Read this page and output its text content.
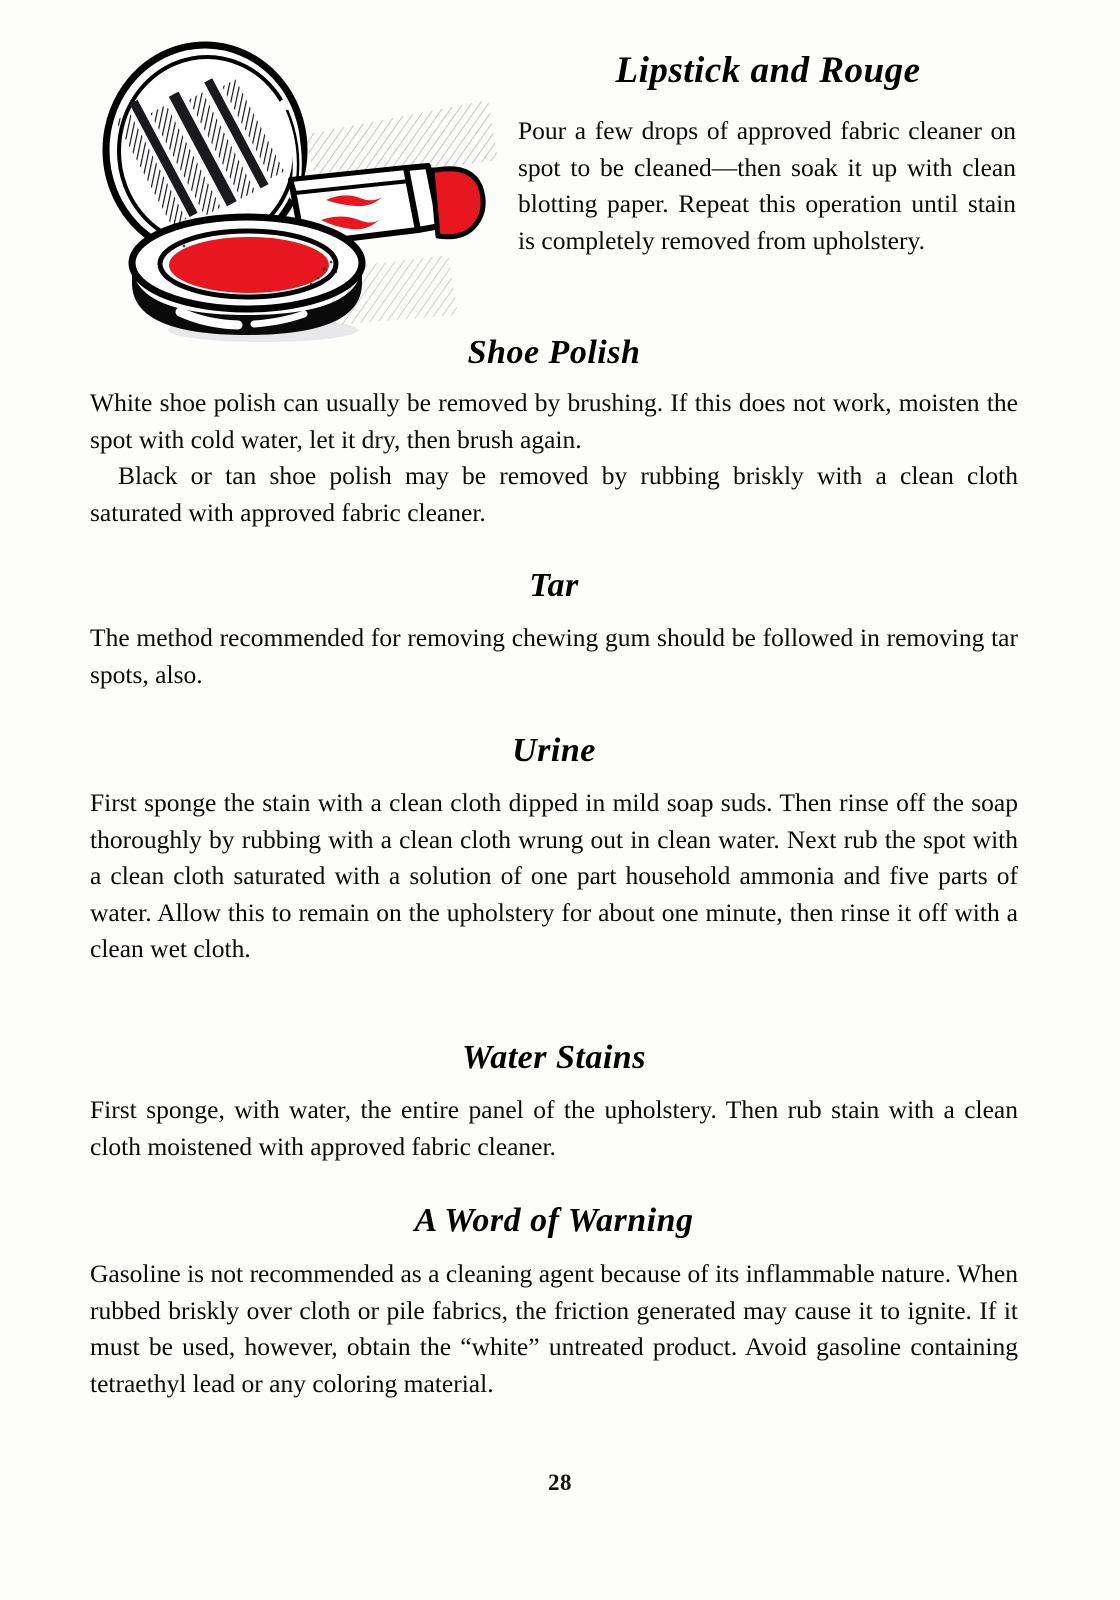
Lipstick and Rouge

Pour a few drops of approved fabric cleaner on spot to be cleaned—then soak it up with clean blotting paper. Repeat this operation until stain is completely removed from upholstery.

Shoe Polish

White shoe polish can usually be removed by brushing. If this does not work, moisten the spot with cold water, let it dry, then brush again.

Black or tan shoe polish may be removed by rubbing briskly with a clean cloth saturated with approved fabric cleaner.

Tar

The method recommended for removing chewing gum should be followed in removing tar spots, also.

Urine

First sponge the stain with a clean cloth dipped in mild soap suds. Then rinse off the soap thoroughly by rubbing with a clean cloth wrung out in clean water. Next rub the spot with a clean cloth saturated with a solution of one part household ammonia and five parts of water. Allow this to remain on the upholstery for about one minute, then rinse it off with a clean wet cloth.

Water Stains

First sponge, with water, the entire panel of the upholstery. Then rub stain with a clean cloth moistened with approved fabric cleaner.

A Word of Warning

Gasoline is not recommended as a cleaning agent because of its inflammable nature. When rubbed briskly over cloth or pile fabrics, the friction generated may cause it to ignite. If it must be used, however, obtain the “white” untreated product. Avoid gasoline containing tetraethyl lead or any coloring material.

28
